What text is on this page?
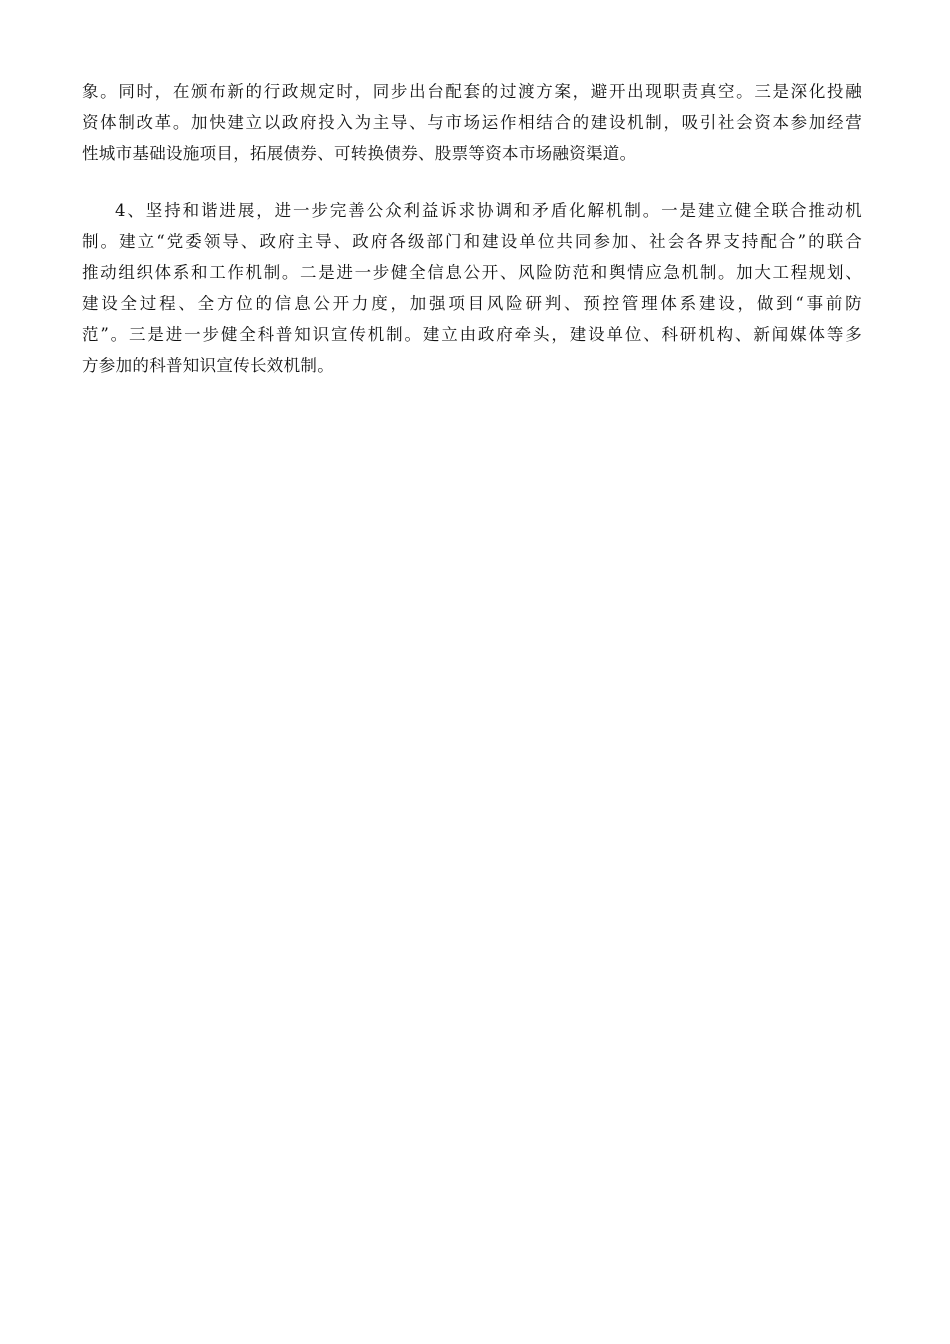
象。同时，在颁布新的行政规定时，同步出台配套的过渡方案，避开出现职责真空。三是深化投融
资体制改革。加快建立以政府投入为主导、与市场运作相结合的建设机制，吸引社会资本参加经营
性城市基础设施项目，拓展债券、可转换债券、股票等资本市场融资渠道。

4、坚持和谐进展，进一步完善公众利益诉求协调和矛盾化解机制。一是建立健全联合推动机
制。建立“党委领导、政府主导、政府各级部门和建设单位共同参加、社会各界支持配合”的联合
推动组织体系和工作机制。二是进一步健全信息公开、风险防范和舆情应急机制。加大工程规划、
建设全过程、全方位的信息公开力度，加强项目风险研判、预控管理体系建设，做到“事前防
范”。三是进一步健全科普知识宣传机制。建立由政府牵头，建设单位、科研机构、新闻媒体等多
方参加的科普知识宣传长效机制。
